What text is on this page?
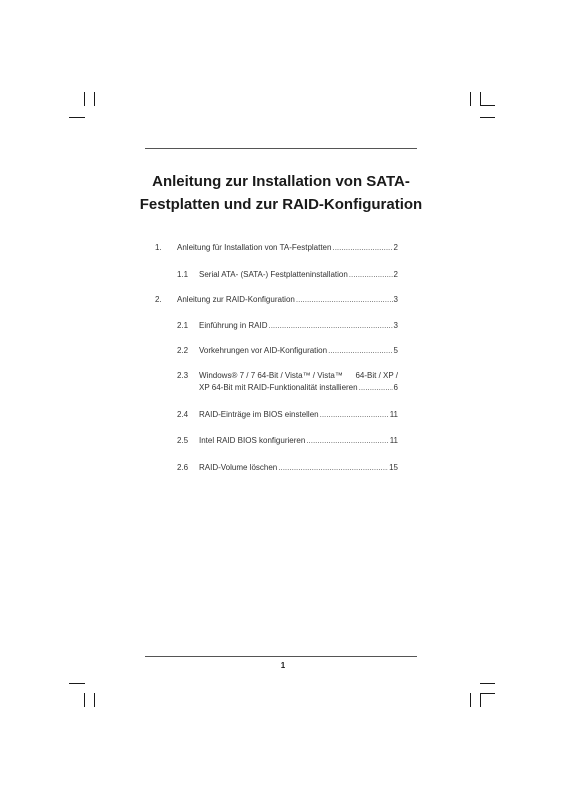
Anleitung zur Installation von SATA-
Festplatten und zur RAID-Konfiguration
1. Anleitung für Installation von TA-Festplatten .....	2
1.1 Serial ATA- (SATA-) Festplatteninstallation .....	2
2. Anleitung zur RAID-Konfiguration .....	3
2.1 Einführung in RAID .....	3
2.2 Vorkehrungen vor AID-Konfiguration .....	5
2.3 Windows® 7 / 7 64-Bit / Vista™ / Vista™ 64-Bit / XP /
XP 64-Bit mit RAID-Funktionalität installieren .....	6
2.4 RAID-Einträge im BIOS einstellen .....	11
2.5 Intel RAID BIOS konfigurieren .....	11
2.6 RAID-Volume löschen .....	15
1
